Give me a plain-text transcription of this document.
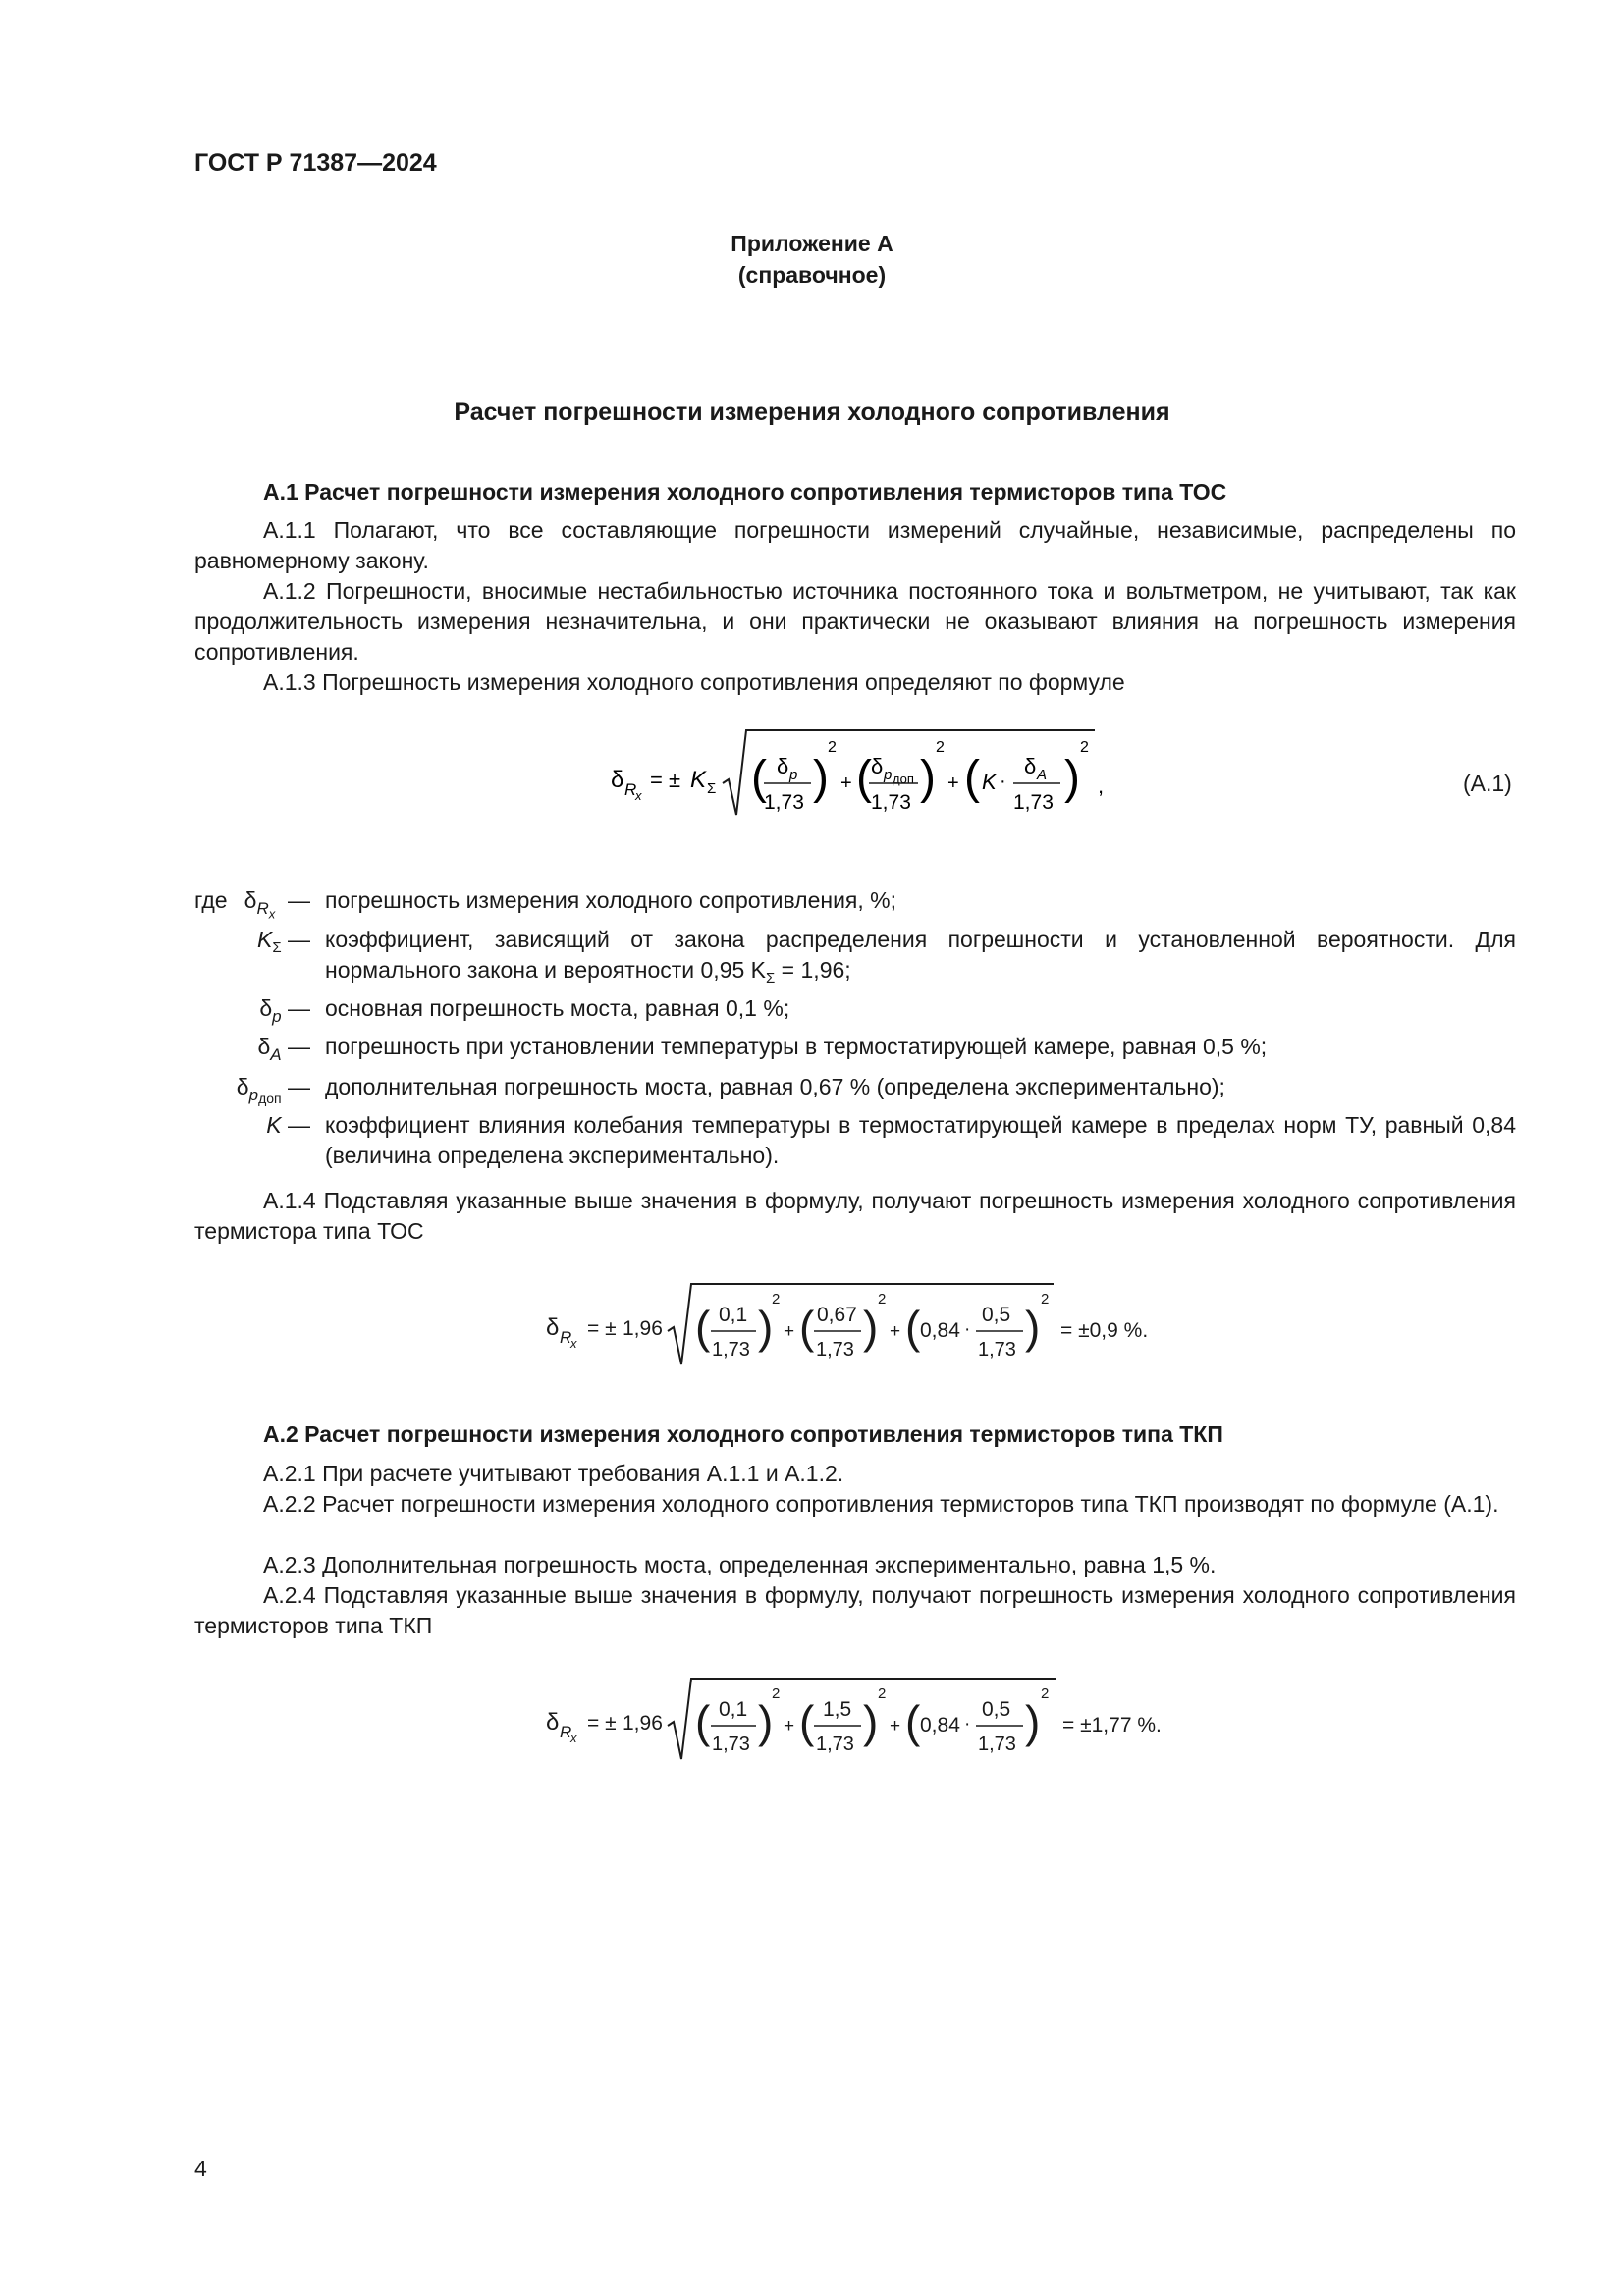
ГОСТ Р 71387—2024
Приложение А
(справочное)
Расчет погрешности измерения холодного сопротивления
А.1 Расчет погрешности измерения холодного сопротивления термисторов типа ТОС
А.1.1 Полагают, что все составляющие погрешности измерений случайные, независимые, распределены по равномерному закону.
А.1.2 Погрешности, вносимые нестабильностью источника постоянного тока и вольтметром, не учитывают, так как продолжительность измерения незначительна, и они практически не оказывают влияния на погрешность измерения сопротивления.
А.1.3 Погрешность измерения холодного сопротивления определяют по формуле
δ R
x
= ± K Σ ( δ p
1,73 )
2
+ ( δ p доп
1,73 )
2
+ ( K ·
δ A
1,73 )
2
,	(А.1)
где $\delta_{R_x}$  — погрешность измерения холодного сопротивления, %;
$K_\Sigma$ — коэффициент, зависящий от закона распределения погрешности и установленной вероятности. Для нормального закона и вероятности 0,95 $K_\Sigma = 1,96$;
$\delta_p$ — основная погрешность моста, равная 0,1 %;
$\delta_A$ — погрешность при установлении температуры в термостатирующей камере, равная 0,5 %;
$\delta_{pдоп}$ — дополнительная погрешность моста, равная 0,67 % (определена экспериментально);
K — коэффициент влияния колебания температуры в термостатирующей камере в пределах норм ТУ, равный 0,84 (величина определена экспериментально).
А.1.4 Подставляя указанные выше значения в формулу, получают погрешность измерения холодного сопротивления термистора типа ТОС
δ R
x
= ± 1,96 ( 0,1
1,73 )
2
+ ( 0,67
1,73 )
2
+ ( 0,84 ·
0,5
1,73 )
2
= ±0,9 %.
А.2 Расчет погрешности измерения холодного сопротивления термисторов типа ТКП
А.2.1 При расчете учитывают требования А.1.1 и А.1.2.
А.2.2 Расчет погрешности измерения холодного сопротивления термисторов типа ТКП производят по формуле (А.1).
А.2.3 Дополнительная погрешность моста, определенная экспериментально, равна 1,5 %.
А.2.4 Подставляя указанные выше значения в формулу, получают погрешность измерения холодного сопротивления термисторов типа ТКП
δ R
x
= ± 1,96 ( 0,1
1,73 )
2
+ ( 1,5
1,73 )
2
+ ( 0,84 ·
0,5
1,73 )
2
= ±1,77 %.
4
